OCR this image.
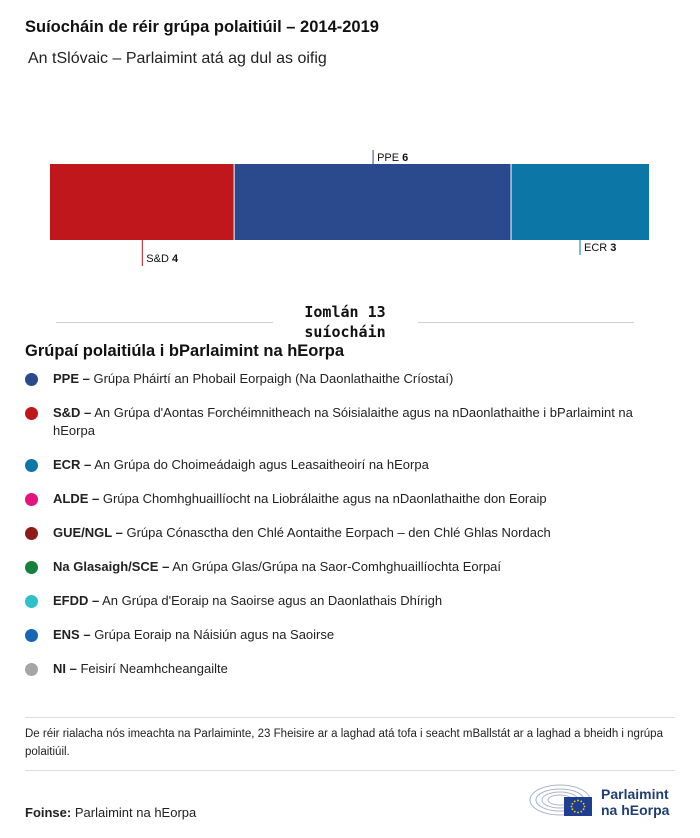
Suíocháin de réir grúpa polaitiúil – 2014-2019
An tSlóvaic – Parlaimint atá ag dul as oifig
S&D 4
PPE 6
ECR 3
Iomlán 13
suíocháin
Grúpaí polaitiúla i bParlaimint na hEorpa
PPE – Grúpa Pháirtí an Phobail Eorpaigh (Na Daonlathaithe Críostaí)
S&D – An Grúpa d'Aontas Forchéimnitheach na Sóisialaithe agus na nDaonlathaithe i bParlaimint na hEorpa
ECR – An Grúpa do Choimeádaigh agus Leasaitheoirí na hEorpa
ALDE – Grúpa Chomhghuaillíocht na Liobrálaithe agus na nDaonlathaithe don Eoraip
GUE/NGL – Grúpa Cónasctha den Chlé Aontaithe Eorpach – den Chlé Ghlas Nordach
Na Glasaigh/SCE – An Grúpa Glas/Grúpa na Saor-Comhghuaillíochta Eorpaí
EFDD – An Grúpa d'Eoraip na Saoirse agus an Daonlathais Dhírigh
ENS – Grúpa Eoraip na Náisiún agus na Saoirse
NI – Feisirí Neamhcheangailte
De réir rialacha nós imeachta na Parlaiminte, 23 Fheisire ar a laghad atá tofa i seacht mBallstát ar a laghad a bheidh i ngrúpa polaitiúil.
Foinse: Parlaimint na hEorpa
Parlaimint
na hEorpa
